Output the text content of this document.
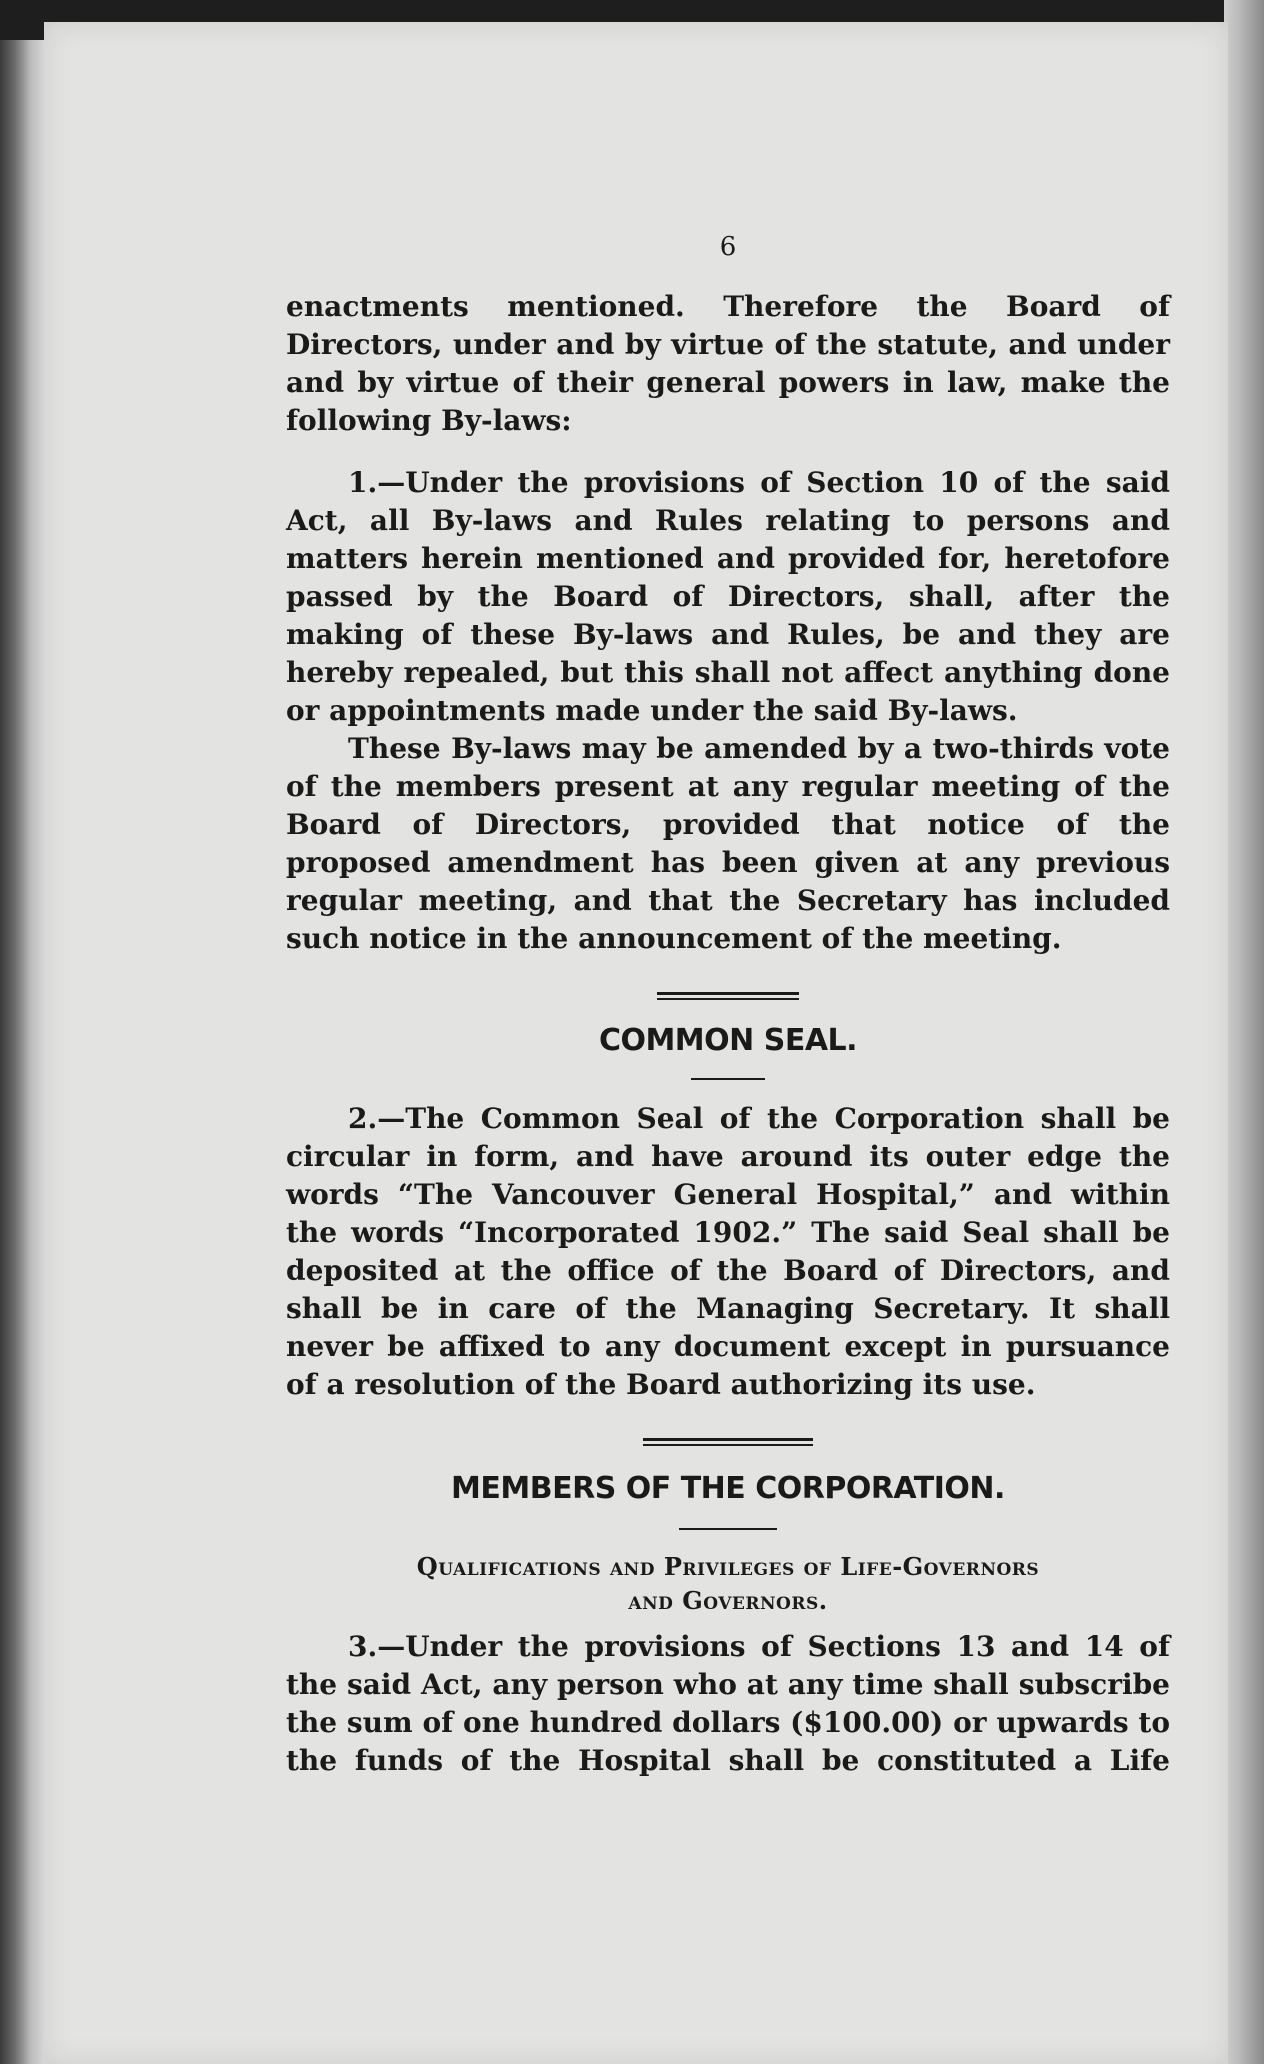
6

enactments mentioned. Therefore the Board of Directors, under and by virtue of the statute, and under and by virtue of their general powers in law, make the following By-laws:

1.—Under the provisions of Section 10 of the said Act, all By-laws and Rules relating to persons and matters herein mentioned and provided for, heretofore passed by the Board of Directors, shall, after the making of these By-laws and Rules, be and they are hereby repealed, but this shall not affect anything done or appointments made under the said By-laws.

These By-laws may be amended by a two-thirds vote of the members present at any regular meeting of the Board of Directors, provided that notice of the proposed amendment has been given at any previous regular meeting, and that the Secretary has included such notice in the announcement of the meeting.

COMMON SEAL.

2.—The Common Seal of the Corporation shall be circular in form, and have around its outer edge the words “The Vancouver General Hospital,” and within the words “Incorporated 1902.” The said Seal shall be deposited at the office of the Board of Directors, and shall be in care of the Managing Secretary. It shall never be affixed to any document except in pursuance of a resolution of the Board authorizing its use.

MEMBERS OF THE CORPORATION.
Qualifications and Privileges of Life-Governors
and Governors.

3.—Under the provisions of Sections 13 and 14 of the said Act, any person who at any time shall subscribe the sum of one hundred dollars ($100.00) or upwards to the funds of the Hospital shall be constituted a Life
